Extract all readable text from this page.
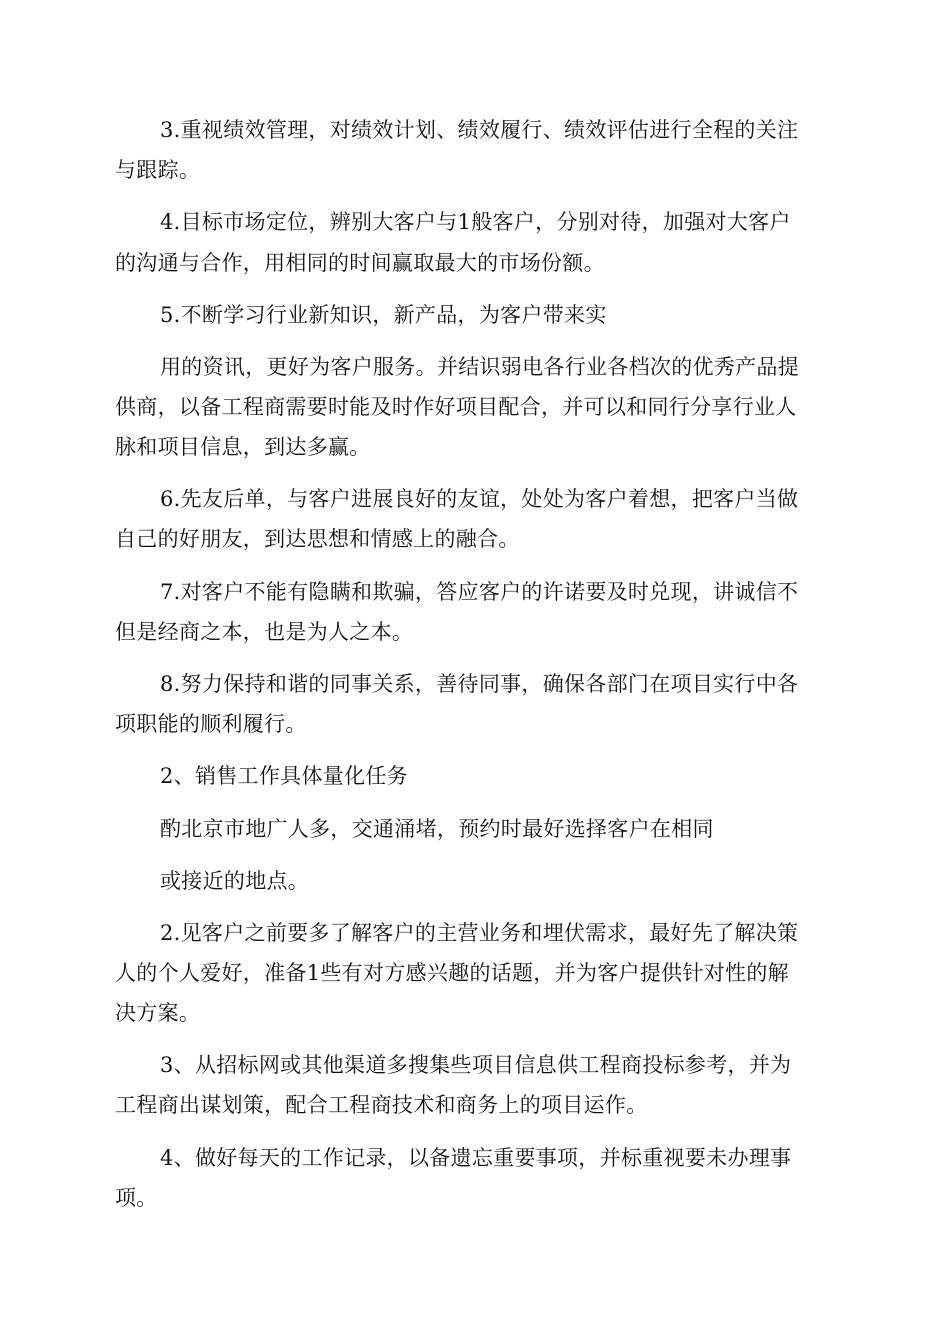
3.重视绩效管理，对绩效计划、绩效履行、绩效评估进行全程的关注
与跟踪。
4.目标市场定位，辨别大客户与1般客户，分别对待，加强对大客户
的沟通与合作，用相同的时间赢取最大的市场份额。
5.不断学习行业新知识，新产品，为客户带来实
用的资讯，更好为客户服务。并结识弱电各行业各档次的优秀产品提
供商，以备工程商需要时能及时作好项目配合，并可以和同行分享行业人
脉和项目信息，到达多赢。
6.先友后单，与客户进展良好的友谊，处处为客户着想，把客户当做
自己的好朋友，到达思想和情感上的融合。
7.对客户不能有隐瞒和欺骗，答应客户的许诺要及时兑现，讲诚信不
但是经商之本，也是为人之本。
8.努力保持和谐的同事关系，善待同事，确保各部门在项目实行中各
项职能的顺利履行。
2、销售工作具体量化任务
酌北京市地广人多，交通涌堵，预约时最好选择客户在相同
或接近的地点。
2.见客户之前要多了解客户的主营业务和埋伏需求，最好先了解决策
人的个人爱好，准备1些有对方感兴趣的话题，并为客户提供针对性的解
决方案。
3、从招标网或其他渠道多搜集些项目信息供工程商投标参考，并为
工程商出谋划策，配合工程商技术和商务上的项目运作。
4、做好每天的工作记录，以备遗忘重要事项，并标重视要未办理事
项。
